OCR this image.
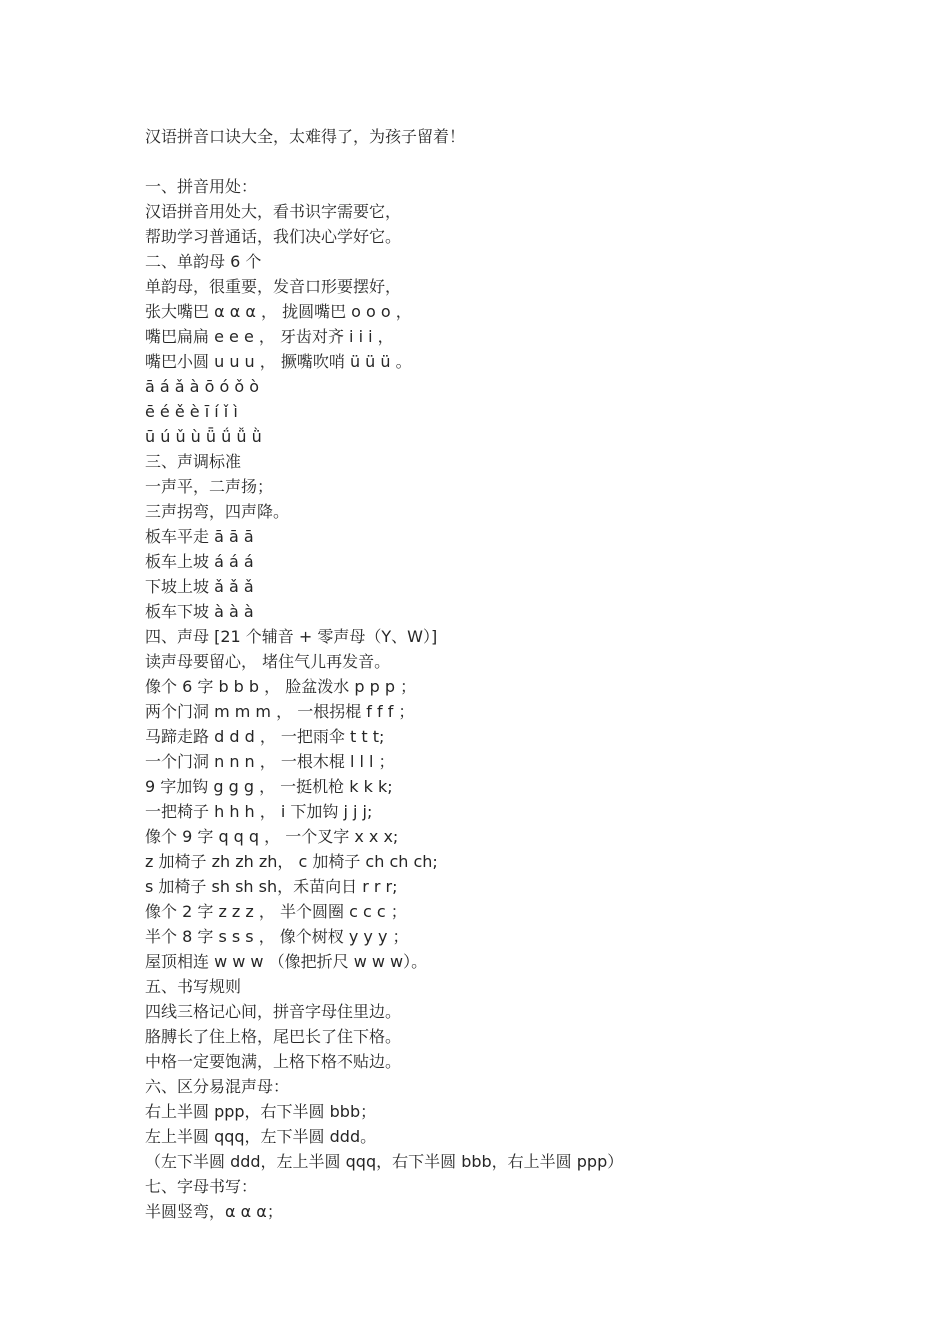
汉语拼音口诀大全，太难得了，为孩子留着！
一、拼音用处：
汉语拼音用处大，看书识字需要它，
帮助学习普通话，我们决心学好它。
二、单韵母 6 个
单韵母，很重要，发音口形要摆好，
张大嘴巴 α α α ， 拢圆嘴巴 o o o ，
嘴巴扁扁 e e e ， 牙齿对齐 i i i ，
嘴巴小圆 u u u ， 撅嘴吹哨 ü ü ü 。
ā á ǎ à ō ó ǒ ò
ē é ě è ī í ǐ ì
ū ú ǔ ù ǖ ǘ ǚ ǜ
三、声调标准
一声平，二声扬；
三声拐弯，四声降。
板车平走 ā ā ā
板车上坡 á á á
下坡上坡 ǎ ǎ ǎ
板车下坡 à à à
四、声母 [21 个辅音 + 零声母（Y、W）]
读声母要留心， 堵住气儿再发音。
像个 6 字 b b b ， 脸盆泼水 p p p ；
两个门洞 m m m ， 一根拐棍 f f f ；
马蹄走路 d d d ， 一把雨伞 t t t;
一个门洞 n n n ， 一根木棍 l l l ；
9 字加钩 g g g ， 一挺机枪 k k k;
一把椅子 h h h ， i 下加钩 j j j;
像个 9 字 q q q ， 一个叉字 x x x;
z 加椅子 zh zh zh， c 加椅子 ch ch ch;
s 加椅子 sh sh sh，禾苗向日 r r r;
像个 2 字 z z z ， 半个圆圈 c c c ；
半个 8 字 s s s ， 像个树杈 y y y ；
屋顶相连 w w w （像把折尺 w w w）。
五、书写规则
四线三格记心间，拼音字母住里边。
胳膊长了住上格，尾巴长了住下格。
中格一定要饱满，上格下格不贴边。
六、区分易混声母：
右上半圆 ppp，右下半圆 bbb；
左上半圆 qqq，左下半圆 ddd。
（左下半圆 ddd，左上半圆 qqq，右下半圆 bbb，右上半圆 ppp）
七、字母书写：
半圆竖弯，α α α；
